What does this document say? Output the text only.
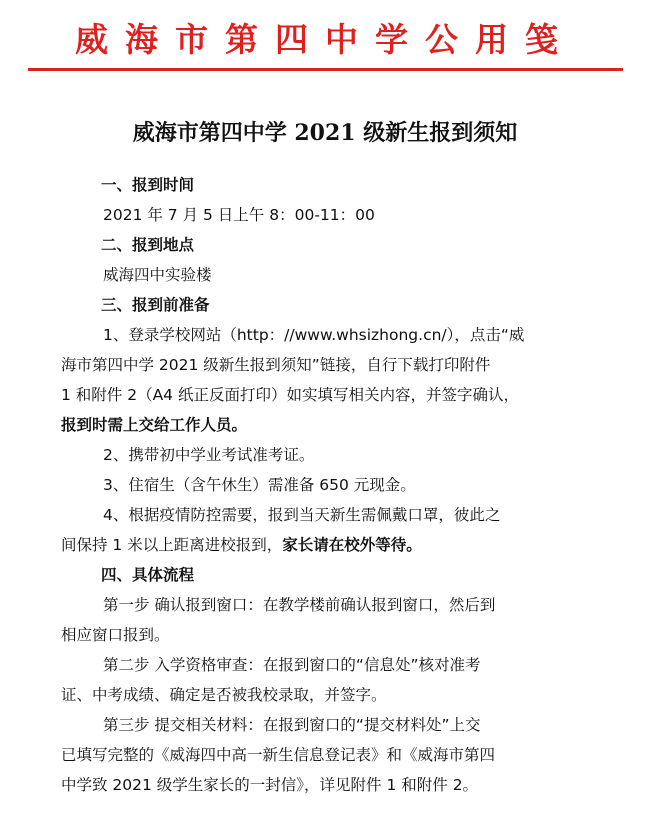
威海市第四中学公用笺
威海市第四中学 2021 级新生报到须知
一、报到时间
2021 年 7 月 5 日上午 8：00-11：00
二、报到地点
威海四中实验楼
三、报到前准备
1、登录学校网站（http：//www.whsizhong.cn/），点击“威
海市第四中学 2021 级新生报到须知”链接，自行下载打印附件
1 和附件 2（A4 纸正反面打印）如实填写相关内容，并签字确认，
报到时需上交给工作人员。
2、携带初中学业考试准考证。
3、住宿生（含午休生）需准备 650 元现金。
4、根据疫情防控需要，报到当天新生需佩戴口罩，彼此之
间保持 1 米以上距离进校报到，家长请在校外等待。
四、具体流程
第一步 确认报到窗口：在教学楼前确认报到窗口，然后到
相应窗口报到。
第二步 入学资格审查：在报到窗口的“信息处”核对准考
证、中考成绩、确定是否被我校录取，并签字。
第三步 提交相关材料：在报到窗口的“提交材料处”上交
已填写完整的《威海四中高一新生信息登记表》和《威海市第四
中学致 2021 级学生家长的一封信》，详见附件 1 和附件 2。
